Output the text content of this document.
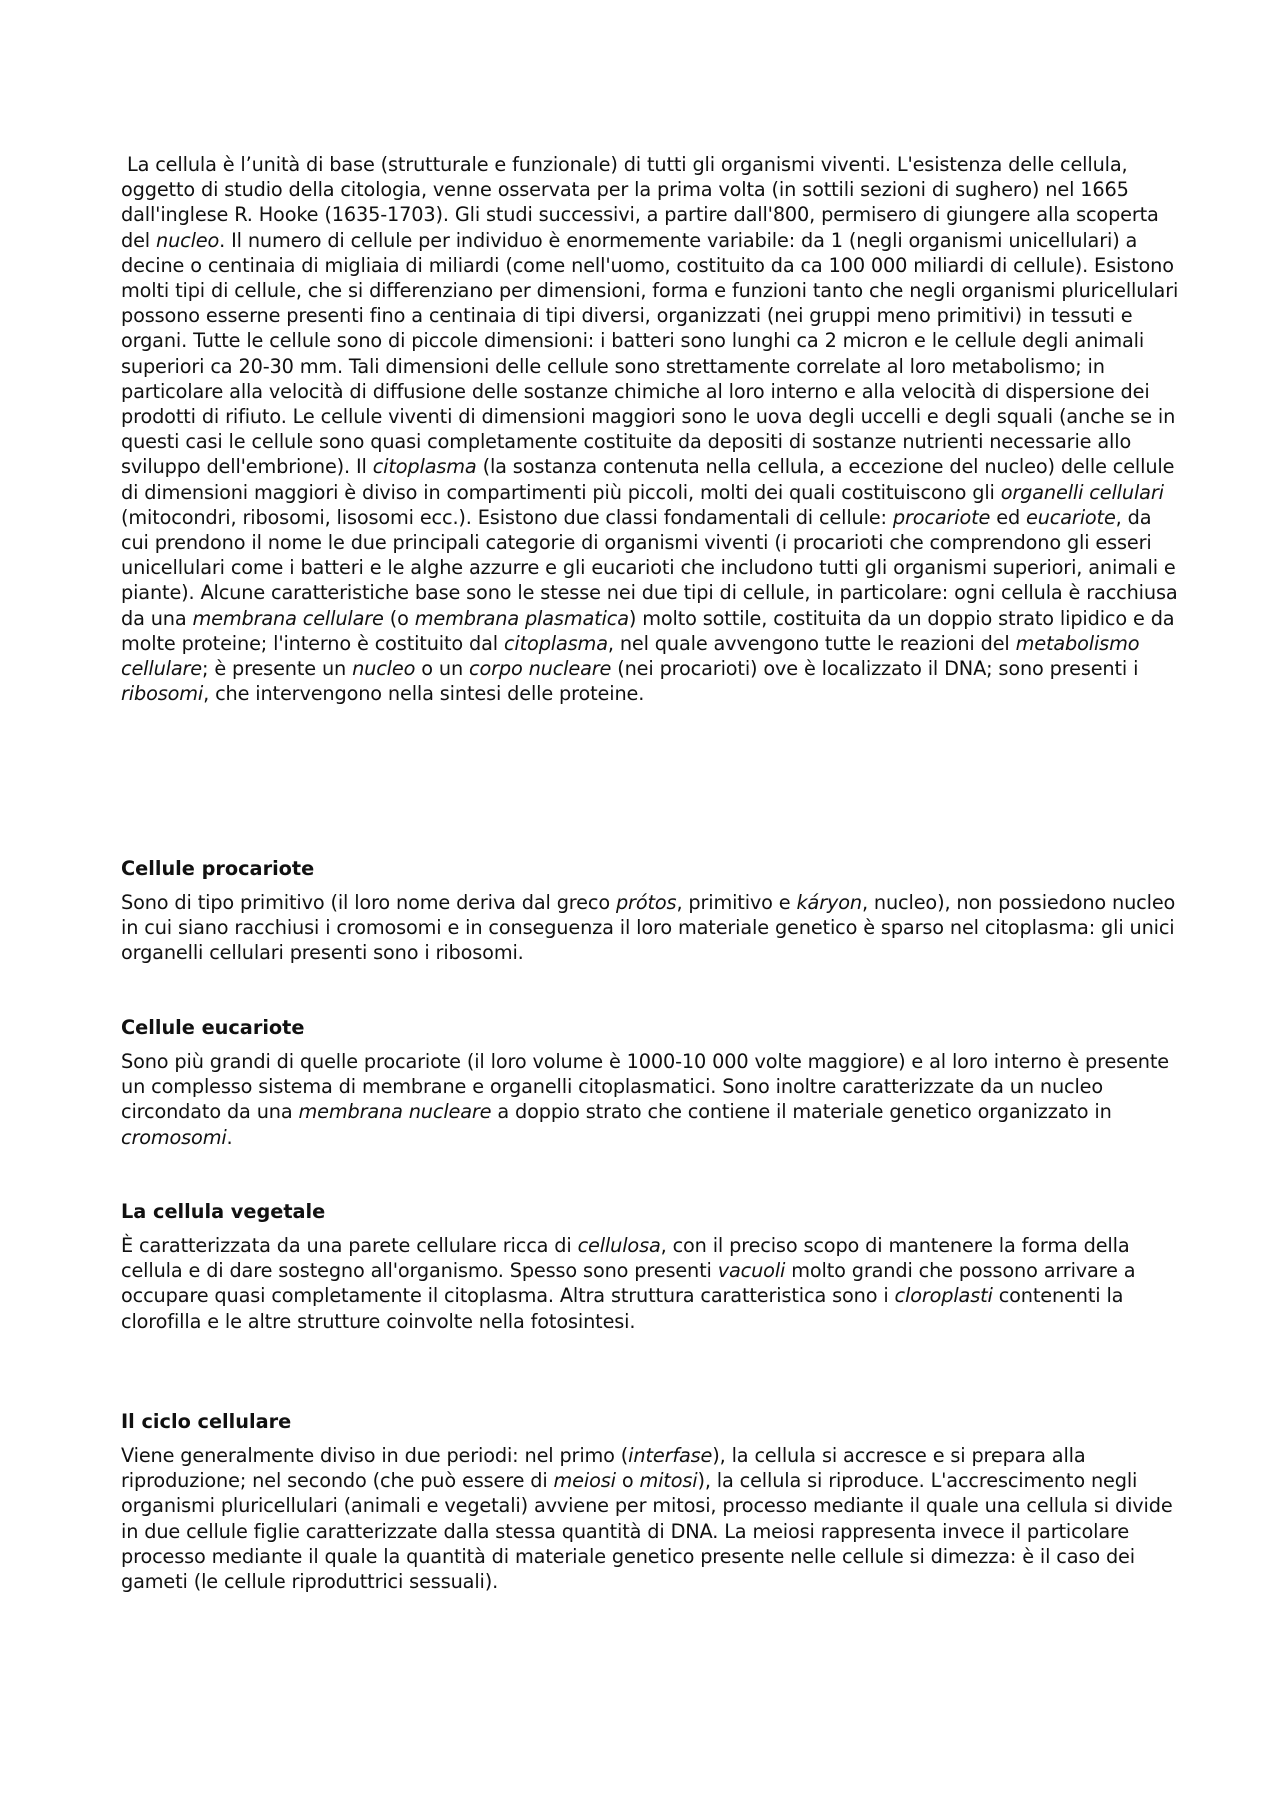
La cellula è l’unità di base (strutturale e funzionale) di tutti gli organismi viventi. L'esistenza delle cellula, oggetto di studio della citologia, venne osservata per la prima volta (in sottili sezioni di sughero) nel 1665 dall'inglese R. Hooke (1635-1703). Gli studi successivi, a partire dall'800, permisero di giungere alla scoperta del nucleo. Il numero di cellule per individuo è enormemente variabile: da 1 (negli organismi unicellulari) a decine o centinaia di migliaia di miliardi (come nell'uomo, costituito da ca 100 000 miliardi di cellule). Esistono molti tipi di cellule, che si differenziano per dimensioni, forma e funzioni tanto che negli organismi pluricellulari possono esserne presenti fino a centinaia di tipi diversi, organizzati (nei gruppi meno primitivi) in tessuti e organi. Tutte le cellule sono di piccole dimensioni: i batteri sono lunghi ca 2 micron e le cellule degli animali superiori ca 20-30 mm. Tali dimensioni delle cellule sono strettamente correlate al loro metabolismo; in particolare alla velocità di diffusione delle sostanze chimiche al loro interno e alla velocità di dispersione dei prodotti di rifiuto. Le cellule viventi di dimensioni maggiori sono le uova degli uccelli e degli squali (anche se in questi casi le cellule sono quasi completamente costituite da depositi di sostanze nutrienti necessarie allo sviluppo dell'embrione). Il citoplasma (la sostanza contenuta nella cellula, a eccezione del nucleo) delle cellule di dimensioni maggiori è diviso in compartimenti più piccoli, molti dei quali costituiscono gli organelli cellulari (mitocondri, ribosomi, lisosomi ecc.). Esistono due classi fondamentali di cellule: procariote ed eucariote, da cui prendono il nome le due principali categorie di organismi viventi (i procarioti che comprendono gli esseri unicellulari come i batteri e le alghe azzurre e gli eucarioti che includono tutti gli organismi superiori, animali e piante). Alcune caratteristiche base sono le stesse nei due tipi di cellule, in particolare: ogni cellula è racchiusa da una membrana cellulare (o membrana plasmatica) molto sottile, costituita da un doppio strato lipidico e da molte proteine; l'interno è costituito dal citoplasma, nel quale avvengono tutte le reazioni del metabolismo cellulare; è presente un nucleo o un corpo nucleare (nei procarioti) ove è localizzato il DNA; sono presenti i ribosomi, che intervengono nella sintesi delle proteine.

Cellule procariote

Sono di tipo primitivo (il loro nome deriva dal greco prótos, primitivo e káryon, nucleo), non possiedono nucleo in cui siano racchiusi i cromosomi e in conseguenza il loro materiale genetico è sparso nel citoplasma: gli unici organelli cellulari presenti sono i ribosomi.

Cellule eucariote

Sono più grandi di quelle procariote (il loro volume è 1000-10 000 volte maggiore) e al loro interno è presente un complesso sistema di membrane e organelli citoplasmatici. Sono inoltre caratterizzate da un nucleo circondato da una membrana nucleare a doppio strato che contiene il materiale genetico organizzato in cromosomi.

La cellula vegetale

È caratterizzata da una parete cellulare ricca di cellulosa, con il preciso scopo di mantenere la forma della cellula e di dare sostegno all'organismo. Spesso sono presenti vacuoli molto grandi che possono arrivare a occupare quasi completamente il citoplasma. Altra struttura caratteristica sono i cloroplasti contenenti la clorofilla e le altre strutture coinvolte nella fotosintesi.

Il ciclo cellulare

Viene generalmente diviso in due periodi: nel primo (interfase), la cellula si accresce e si prepara alla riproduzione; nel secondo (che può essere di meiosi o mitosi), la cellula si riproduce. L'accrescimento negli organismi pluricellulari (animali e vegetali) avviene per mitosi, processo mediante il quale una cellula si divide in due cellule figlie caratterizzate dalla stessa quantità di DNA. La meiosi rappresenta invece il particolare processo mediante il quale la quantità di materiale genetico presente nelle cellule si dimezza: è il caso dei gameti (le cellule riproduttrici sessuali).
